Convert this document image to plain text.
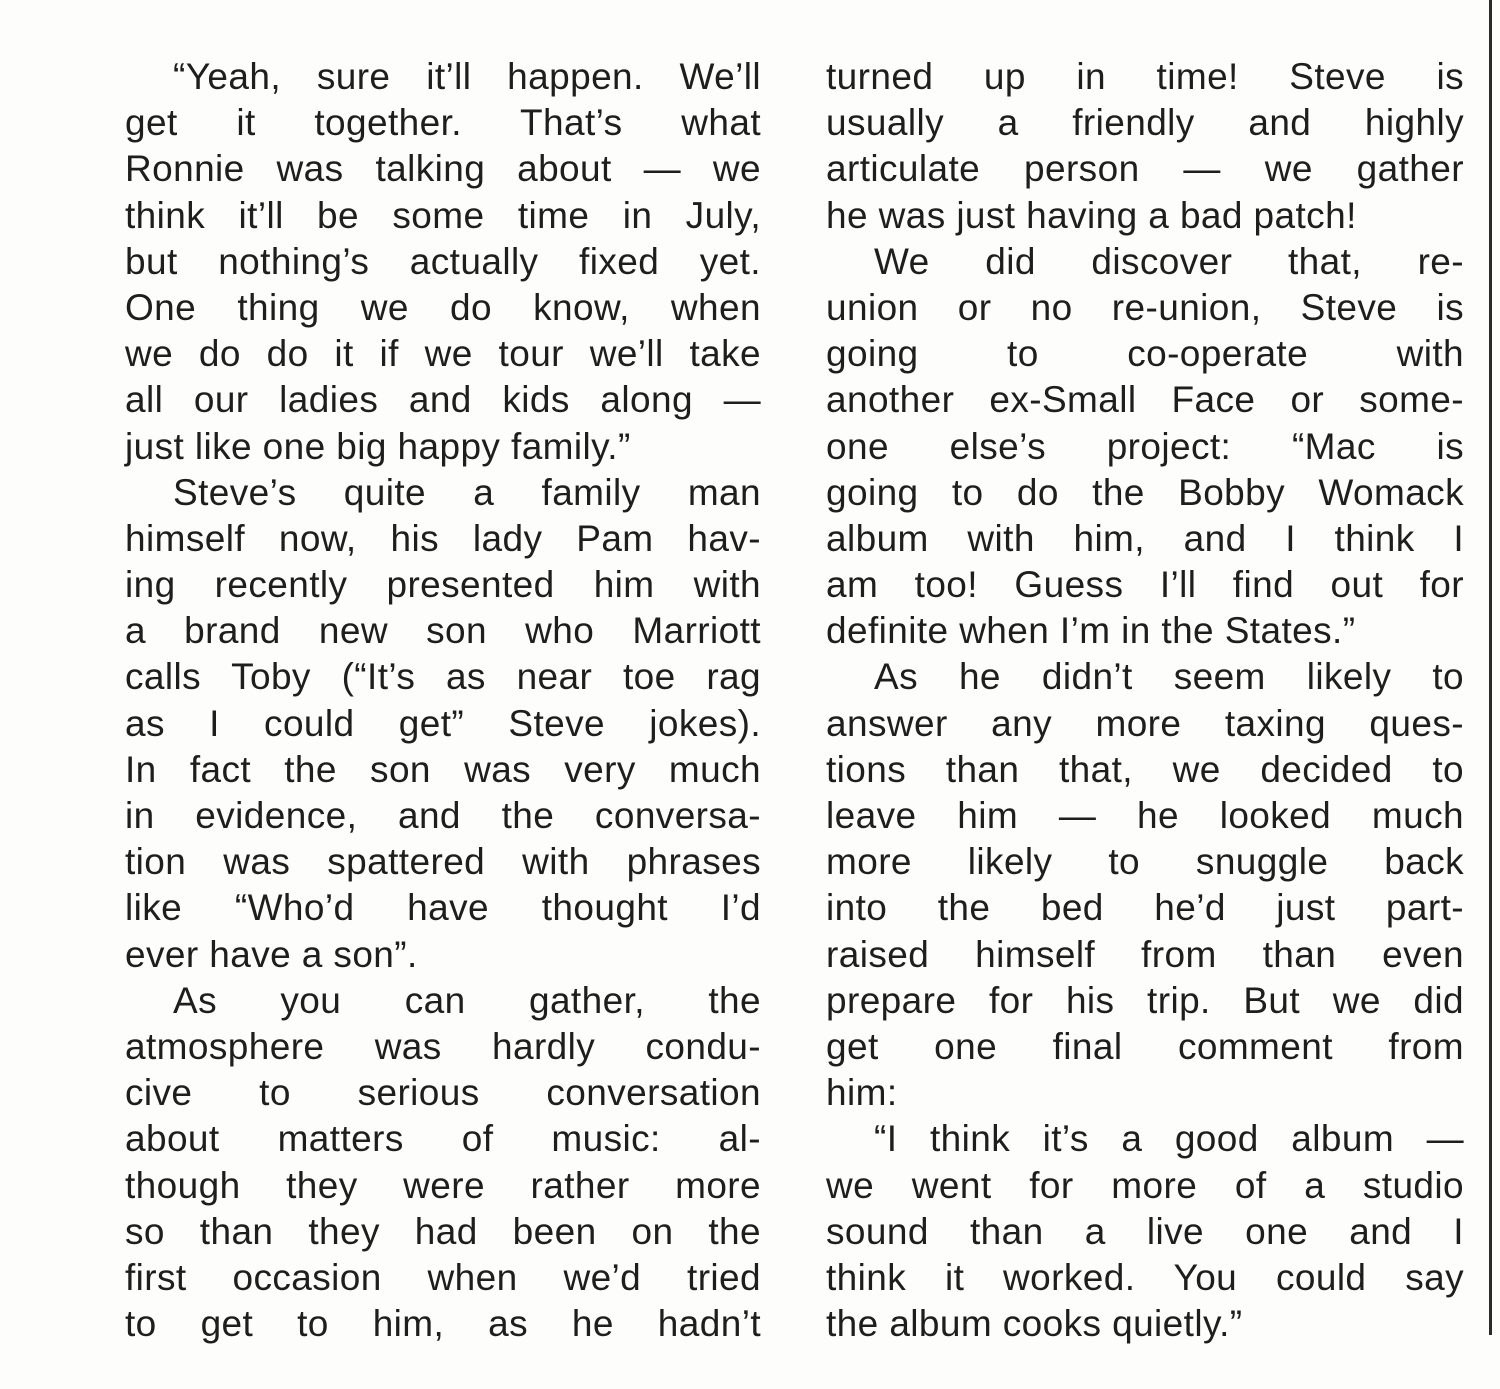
“Yeah, sure it’ll happen. We’ll
get it together. That’s what
Ronnie was talking about — we
think it’ll be some time in July,
but nothing’s actually fixed yet.
One thing we do know, when
we do do it if we tour we’ll take
all our ladies and kids along —
just like one big happy family.”
Steve’s quite a family man
himself now, his lady Pam hav-
ing recently presented him with
a brand new son who Marriott
calls Toby (“It’s as near toe rag
as I could get” Steve jokes).
In fact the son was very much
in evidence, and the conversa-
tion was spattered with phrases
like “Who’d have thought I’d
ever have a son”.
As you can gather, the
atmosphere was hardly condu-
cive to serious conversation
about matters of music: al-
though they were rather more
so than they had been on the
first occasion when we’d tried
to get to him, as he hadn’t
turned up in time! Steve is
usually a friendly and highly
articulate person — we gather
he was just having a bad patch!
We did discover that, re-
union or no re-union, Steve is
going to co-operate with
another ex-Small Face or some-
one else’s project: “Mac is
going to do the Bobby Womack
album with him, and I think I
am too! Guess I’ll find out for
definite when I’m in the States.”
As he didn’t seem likely to
answer any more taxing ques-
tions than that, we decided to
leave him — he looked much
more likely to snuggle back
into the bed he’d just part-
raised himself from than even
prepare for his trip. But we did
get one final comment from
him:
“I think it’s a good album —
we went for more of a studio
sound than a live one and I
think it worked. You could say
the album cooks quietly.”
